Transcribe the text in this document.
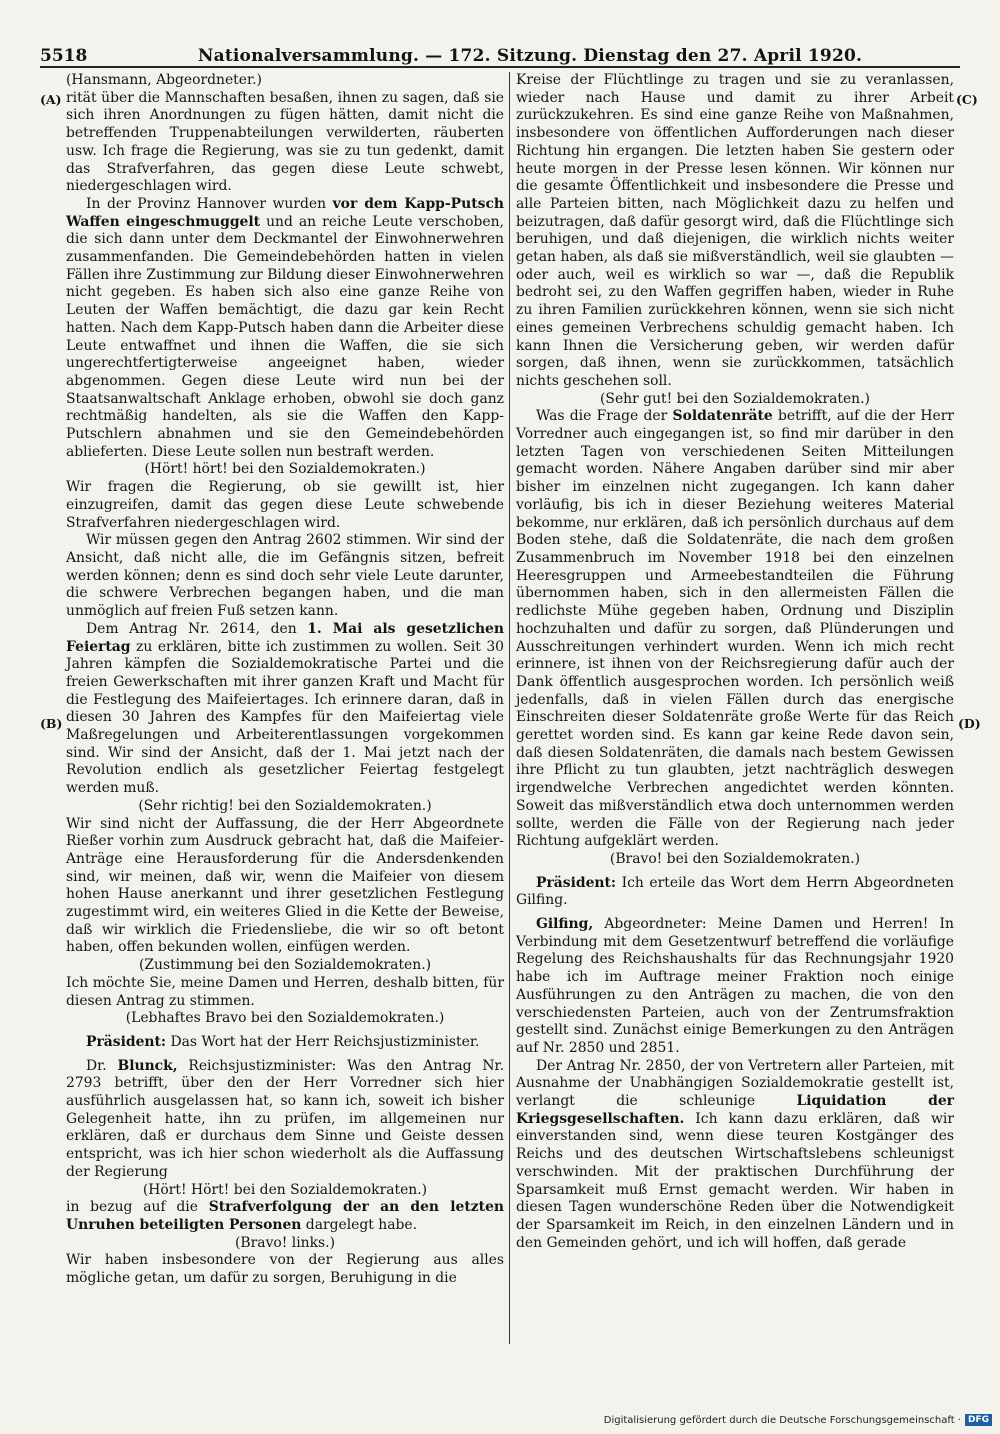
5518	Nationalversammlung. — 172. Sitzung. Dienstag den 27. April 1920.
(A)
(B)
(C)
(D)

(Hansmann, Abgeordneter.)

rität über die Mannschaften besaßen, ihnen zu sagen, daß sie sich ihren Anordnungen zu fügen hätten, damit nicht die betreffenden Truppenabteilungen verwilderten, räuberten usw. Ich frage die Regierung, was sie zu tun gedenkt, damit das Strafverfahren, das gegen diese Leute schwebt, niedergeschlagen wird.

In der Provinz Hannover wurden vor dem Kapp-Putsch Waffen eingeschmuggelt und an reiche Leute verschoben, die sich dann unter dem Deckmantel der Einwohnerwehren zusammenfanden. Die Gemeindebehörden hatten in vielen Fällen ihre Zustimmung zur Bildung dieser Einwohnerwehren nicht gegeben. Es haben sich also eine ganze Reihe von Leuten der Waffen bemächtigt, die dazu gar kein Recht hatten. Nach dem Kapp-Putsch haben dann die Arbeiter diese Leute entwaffnet und ihnen die Waffen, die sie sich ungerechtfertigterweise angeeignet haben, wieder abgenommen. Gegen diese Leute wird nun bei der Staatsanwaltschaft Anklage erhoben, obwohl sie doch ganz rechtmäßig handelten, als sie die Waffen den Kapp-Putschlern abnahmen und sie den Gemeindebehörden ablieferten. Diese Leute sollen nun bestraft werden.

(Hört! hört! bei den Sozialdemokraten.)

Wir fragen die Regierung, ob sie gewillt ist, hier einzugreifen, damit das gegen diese Leute schwebende Strafverfahren niedergeschlagen wird.

Wir müssen gegen den Antrag 2602 stimmen. Wir sind der Ansicht, daß nicht alle, die im Gefängnis sitzen, befreit werden können; denn es sind doch sehr viele Leute darunter, die schwere Verbrechen begangen haben, und die man unmöglich auf freien Fuß setzen kann.

Dem Antrag Nr. 2614, den 1. Mai als gesetzlichen Feiertag zu erklären, bitte ich zustimmen zu wollen. Seit 30 Jahren kämpfen die Sozialdemokratische Partei und die freien Gewerkschaften mit ihrer ganzen Kraft und Macht für die Festlegung des Maifeiertages. Ich erinnere daran, daß in diesen 30 Jahren des Kampfes für den Maifeiertag viele Maßregelungen und Arbeiterentlassungen vorgekommen sind. Wir sind der Ansicht, daß der 1. Mai jetzt nach der Revolution endlich als gesetzlicher Feiertag festgelegt werden muß.

(Sehr richtig! bei den Sozialdemokraten.)

Wir sind nicht der Auffassung, die der Herr Abgeordnete Rießer vorhin zum Ausdruck gebracht hat, daß die Maifeier-Anträge eine Herausforderung für die Andersdenkenden sind, wir meinen, daß wir, wenn die Maifeier von diesem hohen Hause anerkannt und ihrer gesetzlichen Festlegung zugestimmt wird, ein weiteres Glied in die Kette der Beweise, daß wir wirklich die Friedensliebe, die wir so oft betont haben, offen bekunden wollen, einfügen werden.

(Zustimmung bei den Sozialdemokraten.)

Ich möchte Sie, meine Damen und Herren, deshalb bitten, für diesen Antrag zu stimmen.

(Lebhaftes Bravo bei den Sozialdemokraten.)

Präsident: Das Wort hat der Herr Reichsjustizminister.

Dr. Blunck, Reichsjustizminister: Was den Antrag Nr. 2793 betrifft, über den der Herr Vorredner sich hier ausführlich ausgelassen hat, so kann ich, soweit ich bisher Gelegenheit hatte, ihn zu prüfen, im allgemeinen nur erklären, daß er durchaus dem Sinne und Geiste dessen entspricht, was ich hier schon wiederholt als die Auffassung der Regierung

(Hört! Hört! bei den Sozialdemokraten.)

in bezug auf die Strafverfolgung der an den letzten Unruhen beteiligten Personen dargelegt habe.

(Bravo! links.)

Wir haben insbesondere von der Regierung aus alles mögliche getan, um dafür zu sorgen, Beruhigung in die

Kreise der Flüchtlinge zu tragen und sie zu veranlassen, wieder nach Hause und damit zu ihrer Arbeit zurückzukehren. Es sind eine ganze Reihe von Maßnahmen, insbesondere von öffentlichen Aufforderungen nach dieser Richtung hin ergangen. Die letzten haben Sie gestern oder heute morgen in der Presse lesen können. Wir können nur die gesamte Öffentlichkeit und insbesondere die Presse und alle Parteien bitten, nach Möglichkeit dazu zu helfen und beizutragen, daß dafür gesorgt wird, daß die Flüchtlinge sich beruhigen, und daß diejenigen, die wirklich nichts weiter getan haben, als daß sie mißverständlich, weil sie glaubten — oder auch, weil es wirklich so war —, daß die Republik bedroht sei, zu den Waffen gegriffen haben, wieder in Ruhe zu ihren Familien zurückkehren können, wenn sie sich nicht eines gemeinen Verbrechens schuldig gemacht haben. Ich kann Ihnen die Versicherung geben, wir werden dafür sorgen, daß ihnen, wenn sie zurückkommen, tatsächlich nichts geschehen soll.

(Sehr gut! bei den Sozialdemokraten.)

Was die Frage der Soldatenräte betrifft, auf die der Herr Vorredner auch eingegangen ist, so find mir darüber in den letzten Tagen von verschiedenen Seiten Mitteilungen gemacht worden. Nähere Angaben darüber sind mir aber bisher im einzelnen nicht zugegangen. Ich kann daher vorläufig, bis ich in dieser Beziehung weiteres Material bekomme, nur erklären, daß ich persönlich durchaus auf dem Boden stehe, daß die Soldatenräte, die nach dem großen Zusammenbruch im November 1918 bei den einzelnen Heeresgruppen und Armeebestandteilen die Führung übernommen haben, sich in den allermeisten Fällen die redlichste Mühe gegeben haben, Ordnung und Disziplin hochzuhalten und dafür zu sorgen, daß Plünderungen und Ausschreitungen verhindert wurden. Wenn ich mich recht erinnere, ist ihnen von der Reichsregierung dafür auch der Dank öffentlich ausgesprochen worden. Ich persönlich weiß jedenfalls, daß in vielen Fällen durch das energische Einschreiten dieser Soldatenräte große Werte für das Reich gerettet worden sind. Es kann gar keine Rede davon sein, daß diesen Soldatenräten, die damals nach bestem Gewissen ihre Pflicht zu tun glaubten, jetzt nachträglich deswegen irgendwelche Verbrechen angedichtet werden könnten. Soweit das mißverständlich etwa doch unternommen werden sollte, werden die Fälle von der Regierung nach jeder Richtung aufgeklärt werden.

(Bravo! bei den Sozialdemokraten.)

Präsident: Ich erteile das Wort dem Herrn Abgeordneten Gilfing.

Gilfing, Abgeordneter: Meine Damen und Herren! In Verbindung mit dem Gesetzentwurf betreffend die vorläufige Regelung des Reichshaushalts für das Rechnungsjahr 1920 habe ich im Auftrage meiner Fraktion noch einige Ausführungen zu den Anträgen zu machen, die von den verschiedensten Parteien, auch von der Zentrumsfraktion gestellt sind. Zunächst einige Bemerkungen zu den Anträgen auf Nr. 2850 und 2851.

Der Antrag Nr. 2850, der von Vertretern aller Parteien, mit Ausnahme der Unabhängigen Sozialdemokratie gestellt ist, verlangt die schleunige Liquidation der Kriegsgesellschaften. Ich kann dazu erklären, daß wir einverstanden sind, wenn diese teuren Kostgänger des Reichs und des deutschen Wirtschaftslebens schleunigst verschwinden. Mit der praktischen Durchführung der Sparsamkeit muß Ernst gemacht werden. Wir haben in diesen Tagen wunderschöne Reden über die Notwendigkeit der Sparsamkeit im Reich, in den einzelnen Ländern und in den Gemeinden gehört, und ich will hoffen, daß gerade

Digitalisierung gefördert durch die Deutsche Forschungsgemeinschaft · DFG
